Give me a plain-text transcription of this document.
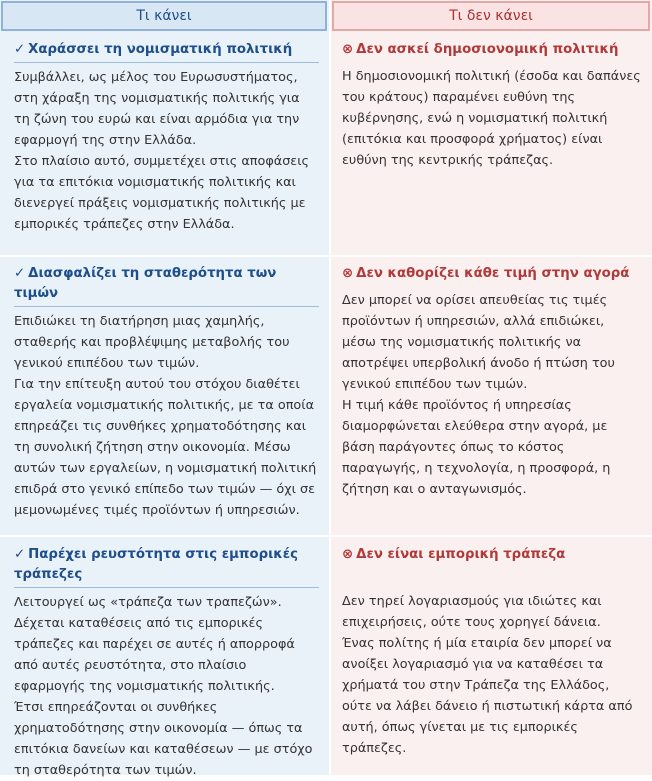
Τι κάνει	Τι δεν κάνει
✓ Χαράσσει τη νομισματική πολιτική
Συμβάλλει, ως μέλος του Ευρωσυστήματος, στη χάραξη της νομισματικής πολιτικής για τη ζώνη του ευρώ και είναι αρμόδια για την εφαρμογή της στην Ελλάδα.
Στο πλαίσιο αυτό, συμμετέχει στις αποφάσεις για τα επιτόκια νομισματικής πολιτικής και διενεργεί πράξεις νομισματικής πολιτικής με εμπορικές τράπεζες στην Ελλάδα.
⊗ Δεν ασκεί δημοσιονομική πολιτική
Η δημοσιονομική πολιτική (έσοδα και δαπάνες του κράτους) παραμένει ευθύνη της κυβέρνησης, ενώ η νομισματική πολιτική (επιτόκια και προσφορά χρήματος) είναι ευθύνη της κεντρικής τράπεζας.
✓ Διασφαλίζει τη σταθερότητα των τιμών
Επιδιώκει τη διατήρηση μιας χαμηλής, σταθερής και προβλέψιμης μεταβολής του γενικού επιπέδου των τιμών.
Για την επίτευξη αυτού του στόχου διαθέτει εργαλεία νομισματικής πολιτικής, με τα οποία επηρεάζει τις συνθήκες χρηματοδότησης και τη συνολική ζήτηση στην οικονομία. Μέσω αυτών των εργαλείων, η νομισματική πολιτική επιδρά στο γενικό επίπεδο των τιμών — όχι σε μεμονωμένες τιμές προϊόντων ή υπηρεσιών.
⊗ Δεν καθορίζει κάθε τιμή στην αγορά
Δεν μπορεί να ορίσει απευθείας τις τιμές προϊόντων ή υπηρεσιών, αλλά επιδιώκει, μέσω της νομισματικής πολιτικής να αποτρέψει υπερβολική άνοδο ή πτώση του γενικού επιπέδου των τιμών.
Η τιμή κάθε προϊόντος ή υπηρεσίας διαμορφώνεται ελεύθερα στην αγορά, με βάση παράγοντες όπως το κόστος παραγωγής, η τεχνολογία, η προσφορά, η ζήτηση και ο ανταγωνισμός.
✓ Παρέχει ρευστότητα στις εμπορικές τράπεζες
Λειτουργεί ως «τράπεζα των τραπεζών». Δέχεται καταθέσεις από τις εμπορικές τράπεζες και παρέχει σε αυτές ή απορροφά από αυτές ρευστότητα, στο πλαίσιο εφαρμογής της νομισματικής πολιτικής.
Έτσι επηρεάζονται οι συνθήκες χρηματοδότησης στην οικονομία — όπως τα επιτόκια δανείων και καταθέσεων — με στόχο τη σταθερότητα των τιμών.
⊗ Δεν είναι εμπορική τράπεζα
Δεν τηρεί λογαριασμούς για ιδιώτες και επιχειρήσεις, ούτε τους χορηγεί δάνεια.
Ένας πολίτης ή μία εταιρία δεν μπορεί να ανοίξει λογαριασμό για να καταθέσει τα χρήματά του στην Τράπεζα της Ελλάδος, ούτε να λάβει δάνειο ή πιστωτική κάρτα από αυτή, όπως γίνεται με τις εμπορικές τράπεζες.
